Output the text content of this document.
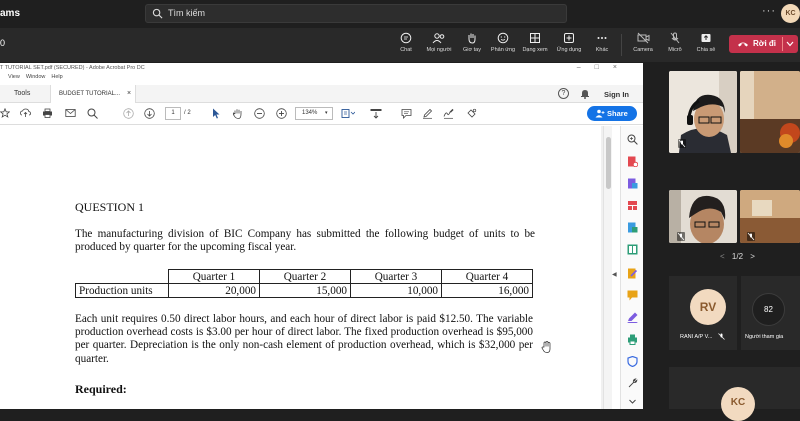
ams	Tìm kiếm	···	KC
0
Chat	Mọi người	Giơ tay	Phản ứng Dạng xem	Ứng dụng	Khác	Camera	Micrô	Chia sẻ
Rời đi
T TUTORIAL SET.pdf (SECURED) - Adobe Acrobat Pro DC	–□×
View Window Help
Tools	BUDGET TUTORIAL... ×	?	Sign In
1	/ 2	134% ▾	Share
QUESTION 1
The manufacturing division of BIC Company has submitted the following budget of units to be produced by quarter for the upcoming fiscal year.
	Quarter 1	Quarter 2	Quarter 3	Quarter 4
Production units	20,000	15,000	10,000	16,000
Each unit requires 0.50 direct labor hours, and each hour of direct labor is paid $12.50. The variable production overhead costs is $3.00 per hour of direct labor. The fixed production overhead is $95,000 per quarter. Depreciation is the only non-cash element of production overhead, which is $32,000 per quarter.
Required:
◀
< 1/2 >
RV
RANI A/P V...
82
Người tham gia
KC
